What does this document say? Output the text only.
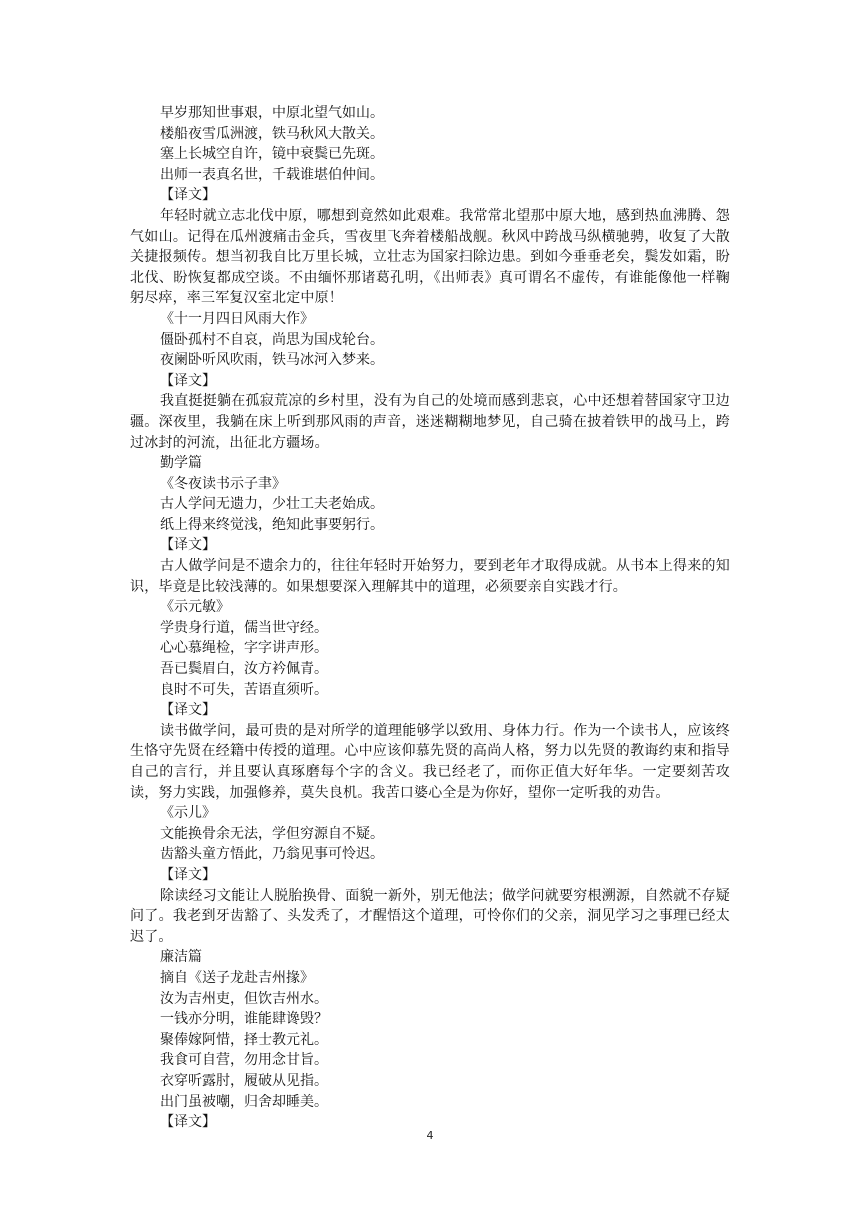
早岁那知世事艰，中原北望气如山。
楼船夜雪瓜洲渡，铁马秋风大散关。
塞上长城空自许，镜中衰鬓已先斑。
出师一表真名世，千载谁堪伯仲间。
【译文】
年轻时就立志北伐中原，哪想到竟然如此艰难。我常常北望那中原大地，感到热血沸腾、怨气如山。记得在瓜州渡痛击金兵，雪夜里飞奔着楼船战舰。秋风中跨战马纵横驰骋，收复了大散关捷报频传。想当初我自比万里长城，立壮志为国家扫除边患。到如今垂垂老矣，鬓发如霜，盼北伐、盼恢复都成空谈。不由缅怀那诸葛孔明，《出师表》真可谓名不虚传，有谁能像他一样鞠躬尽瘁，率三军复汉室北定中原！
《十一月四日风雨大作》
僵卧孤村不自哀，尚思为国戍轮台。
夜阑卧听风吹雨，铁马冰河入梦来。
【译文】
我直挺挺躺在孤寂荒凉的乡村里，没有为自己的处境而感到悲哀，心中还想着替国家守卫边疆。深夜里，我躺在床上听到那风雨的声音，迷迷糊糊地梦见，自己骑在披着铁甲的战马上，跨过冰封的河流，出征北方疆场。
勤学篇
《冬夜读书示子聿》
古人学问无遗力，少壮工夫老始成。
纸上得来终觉浅，绝知此事要躬行。
【译文】
古人做学问是不遗余力的，往往年轻时开始努力，要到老年才取得成就。从书本上得来的知识，毕竟是比较浅薄的。如果想要深入理解其中的道理，必须要亲自实践才行。
《示元敏》
学贵身行道，儒当世守经。
心心慕绳检，字字讲声形。
吾已鬓眉白，汝方衿佩青。
良时不可失，苦语直须听。
【译文】
读书做学问，最可贵的是对所学的道理能够学以致用、身体力行。作为一个读书人，应该终生恪守先贤在经籍中传授的道理。心中应该仰慕先贤的高尚人格，努力以先贤的教诲约束和指导自己的言行，并且要认真琢磨每个字的含义。我已经老了，而你正值大好年华。一定要刻苦攻读，努力实践，加强修养，莫失良机。我苦口婆心全是为你好，望你一定听我的劝告。
《示儿》
文能换骨余无法，学但穷源自不疑。
齿豁头童方悟此，乃翁见事可怜迟。
【译文】
除读经习文能让人脱胎换骨、面貌一新外，别无他法；做学问就要穷根溯源，自然就不存疑问了。我老到牙齿豁了、头发秃了，才醒悟这个道理，可怜你们的父亲，洞见学习之事理已经太迟了。
廉洁篇
摘自《送子龙赴吉州掾》
汝为吉州吏，但饮吉州水。
一钱亦分明，谁能肆谗毁？
聚俸嫁阿惜，择士教元礼。
我食可自营，勿用念甘旨。
衣穿听露肘，履破从见指。
出门虽被嘲，归舍却睡美。
【译文】
4
